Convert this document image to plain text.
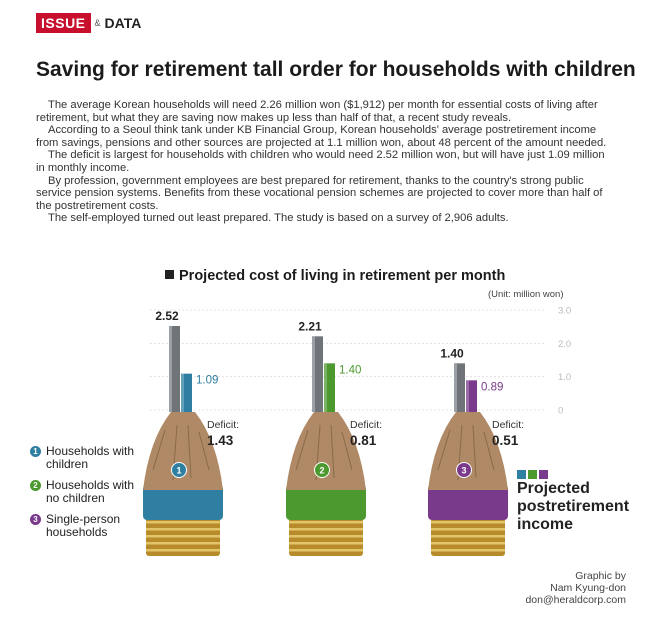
ISSUE	& DATA
Saving for retirement tall order for households with children

The average Korean households will need 2.26 million won ($1,912) per month for essential costs of living after retirement, but what they are saving now makes up less than half of that, a recent study reveals.

According to a Seoul think tank under KB Financial Group, Korean households' average postretirement income from savings, pensions and other sources are projected at 1.1 million won, about 48 percent of the amount needed.

The deficit is largest for households with children who would need 2.52 million won, but will have just 1.09 million in monthly income.

By profession, government employees are best prepared for retirement, thanks to the country's strong public service pension systems. Benefits from these vocational pension schemes are projected to cover more than half of the postretirement costs.

The self-employed turned out least prepared. The study is based on a survey of 2,906 adults.

Projected cost of living in retirement per month
(Unit: million won)
3.0
2.0
1.0
0
1
2.52
1.09
Deficit:
1.43
2
2.21
1.40
Deficit:
0.81
3
1.40
0.89
Deficit:
0.51
1 Households with children
2 Households with no children
3 Single-person households
Projected postretirement income
Graphic by
Nam Kyung-don
don@heraldcorp.com
